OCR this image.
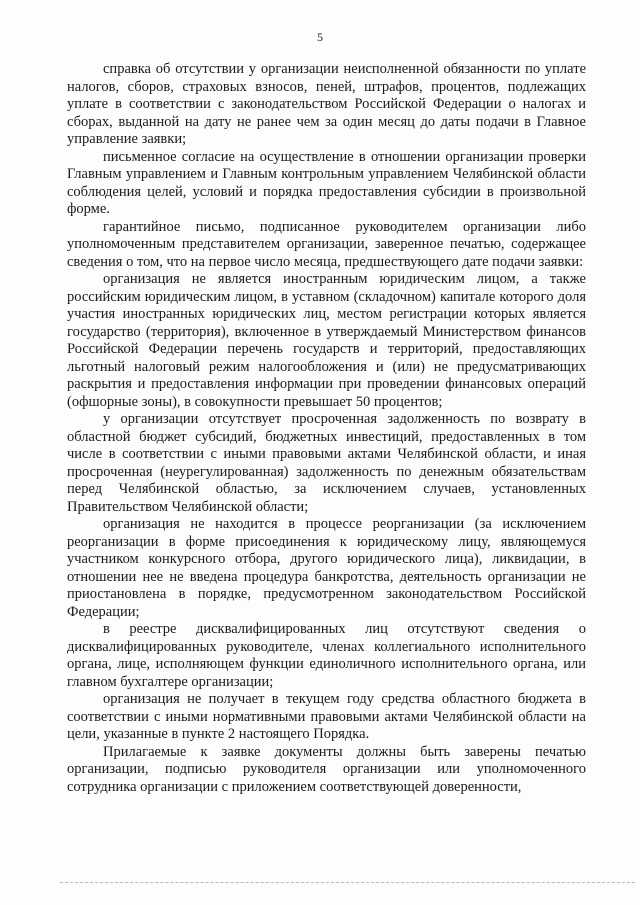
5

справка об отсутствии у организации неисполненной обязанности по уплате налогов, сборов, страховых взносов, пеней, штрафов, процентов, подлежащих уплате в соответствии с законодательством Российской Федерации о налогах и сборах, выданной на дату не ранее чем за один месяц до даты подачи в Главное управление заявки;

письменное согласие на осуществление в отношении организации проверки Главным управлением и Главным контрольным управлением Челябинской области соблюдения целей, условий и порядка предоставления субсидии в произвольной форме.

гарантийное письмо, подписанное руководителем организации либо уполномоченным представителем организации, заверенное печатью, содержащее сведения о том, что на первое число месяца, предшествующего дате подачи заявки:

организация не является иностранным юридическим лицом, а также российским юридическим лицом, в уставном (складочном) капитале которого доля участия иностранных юридических лиц, местом регистрации которых является государство (территория), включенное в утверждаемый Министерством финансов Российской Федерации перечень государств и территорий, предоставляющих льготный налоговый режим налогообложения и (или) не предусматривающих раскрытия и предоставления информации при проведении финансовых операций (офшорные зоны), в совокупности превышает 50 процентов;

у организации отсутствует просроченная задолженность по возврату в областной бюджет субсидий, бюджетных инвестиций, предоставленных в том числе в соответствии с иными правовыми актами Челябинской области, и иная просроченная (неурегулированная) задолженность по денежным обязательствам перед Челябинской областью, за исключением случаев, установленных Правительством Челябинской области;

организация не находится в процессе реорганизации (за исключением реорганизации в форме присоединения к юридическому лицу, являющемуся участником конкурсного отбора, другого юридического лица), ликвидации, в отношении нее не введена процедура банкротства, деятельность организации не приостановлена в порядке, предусмотренном законодательством Российской Федерации;

в реестре дисквалифицированных лиц отсутствуют сведения о дисквалифицированных руководителе, членах коллегиального исполнительного органа, лице, исполняющем функции единоличного исполнительного органа, или главном бухгалтере организации;

организация не получает в текущем году средства областного бюджета в соответствии с иными нормативными правовыми актами Челябинской области на цели, указанные в пункте 2 настоящего Порядка.

Прилагаемые к заявке документы должны быть заверены печатью организации, подписью руководителя организации или уполномоченного сотрудника организации с приложением соответствующей доверенности,
